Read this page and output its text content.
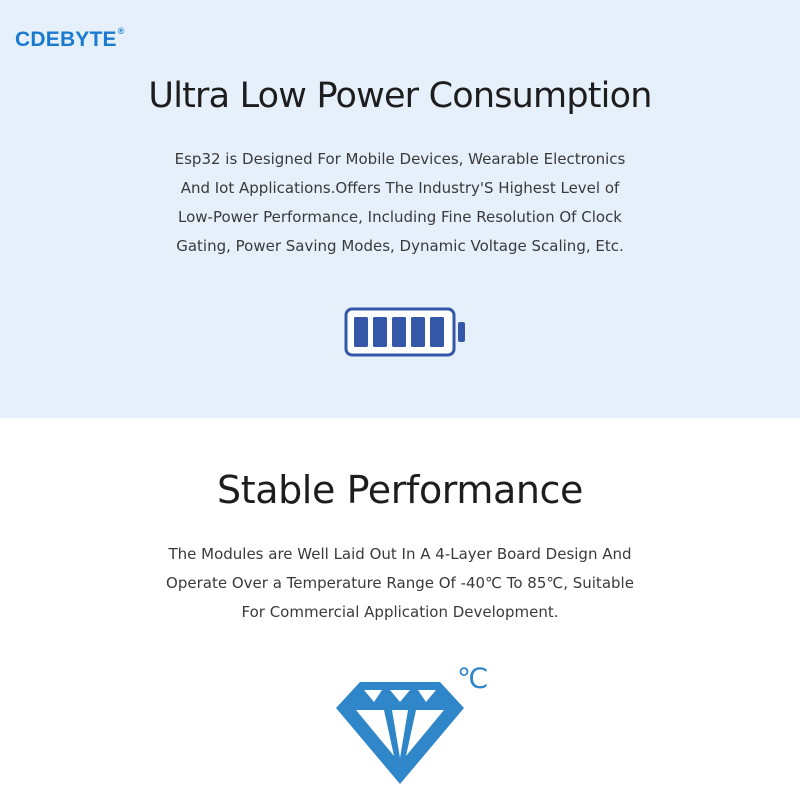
CDEBYTE®
Ultra Low Power Consumption
Esp32 is Designed For Mobile Devices, Wearable Electronics
And Iot Applications.Offers The Industry'S Highest Level of
Low-Power Performance, Including Fine Resolution Of Clock
Gating, Power Saving Modes, Dynamic Voltage Scaling, Etc.
Stable Performance
The Modules are Well Laid Out In A 4-Layer Board Design And
Operate Over a Temperature Range Of -40℃ To 85℃, Suitable
For Commercial Application Development.
℃
